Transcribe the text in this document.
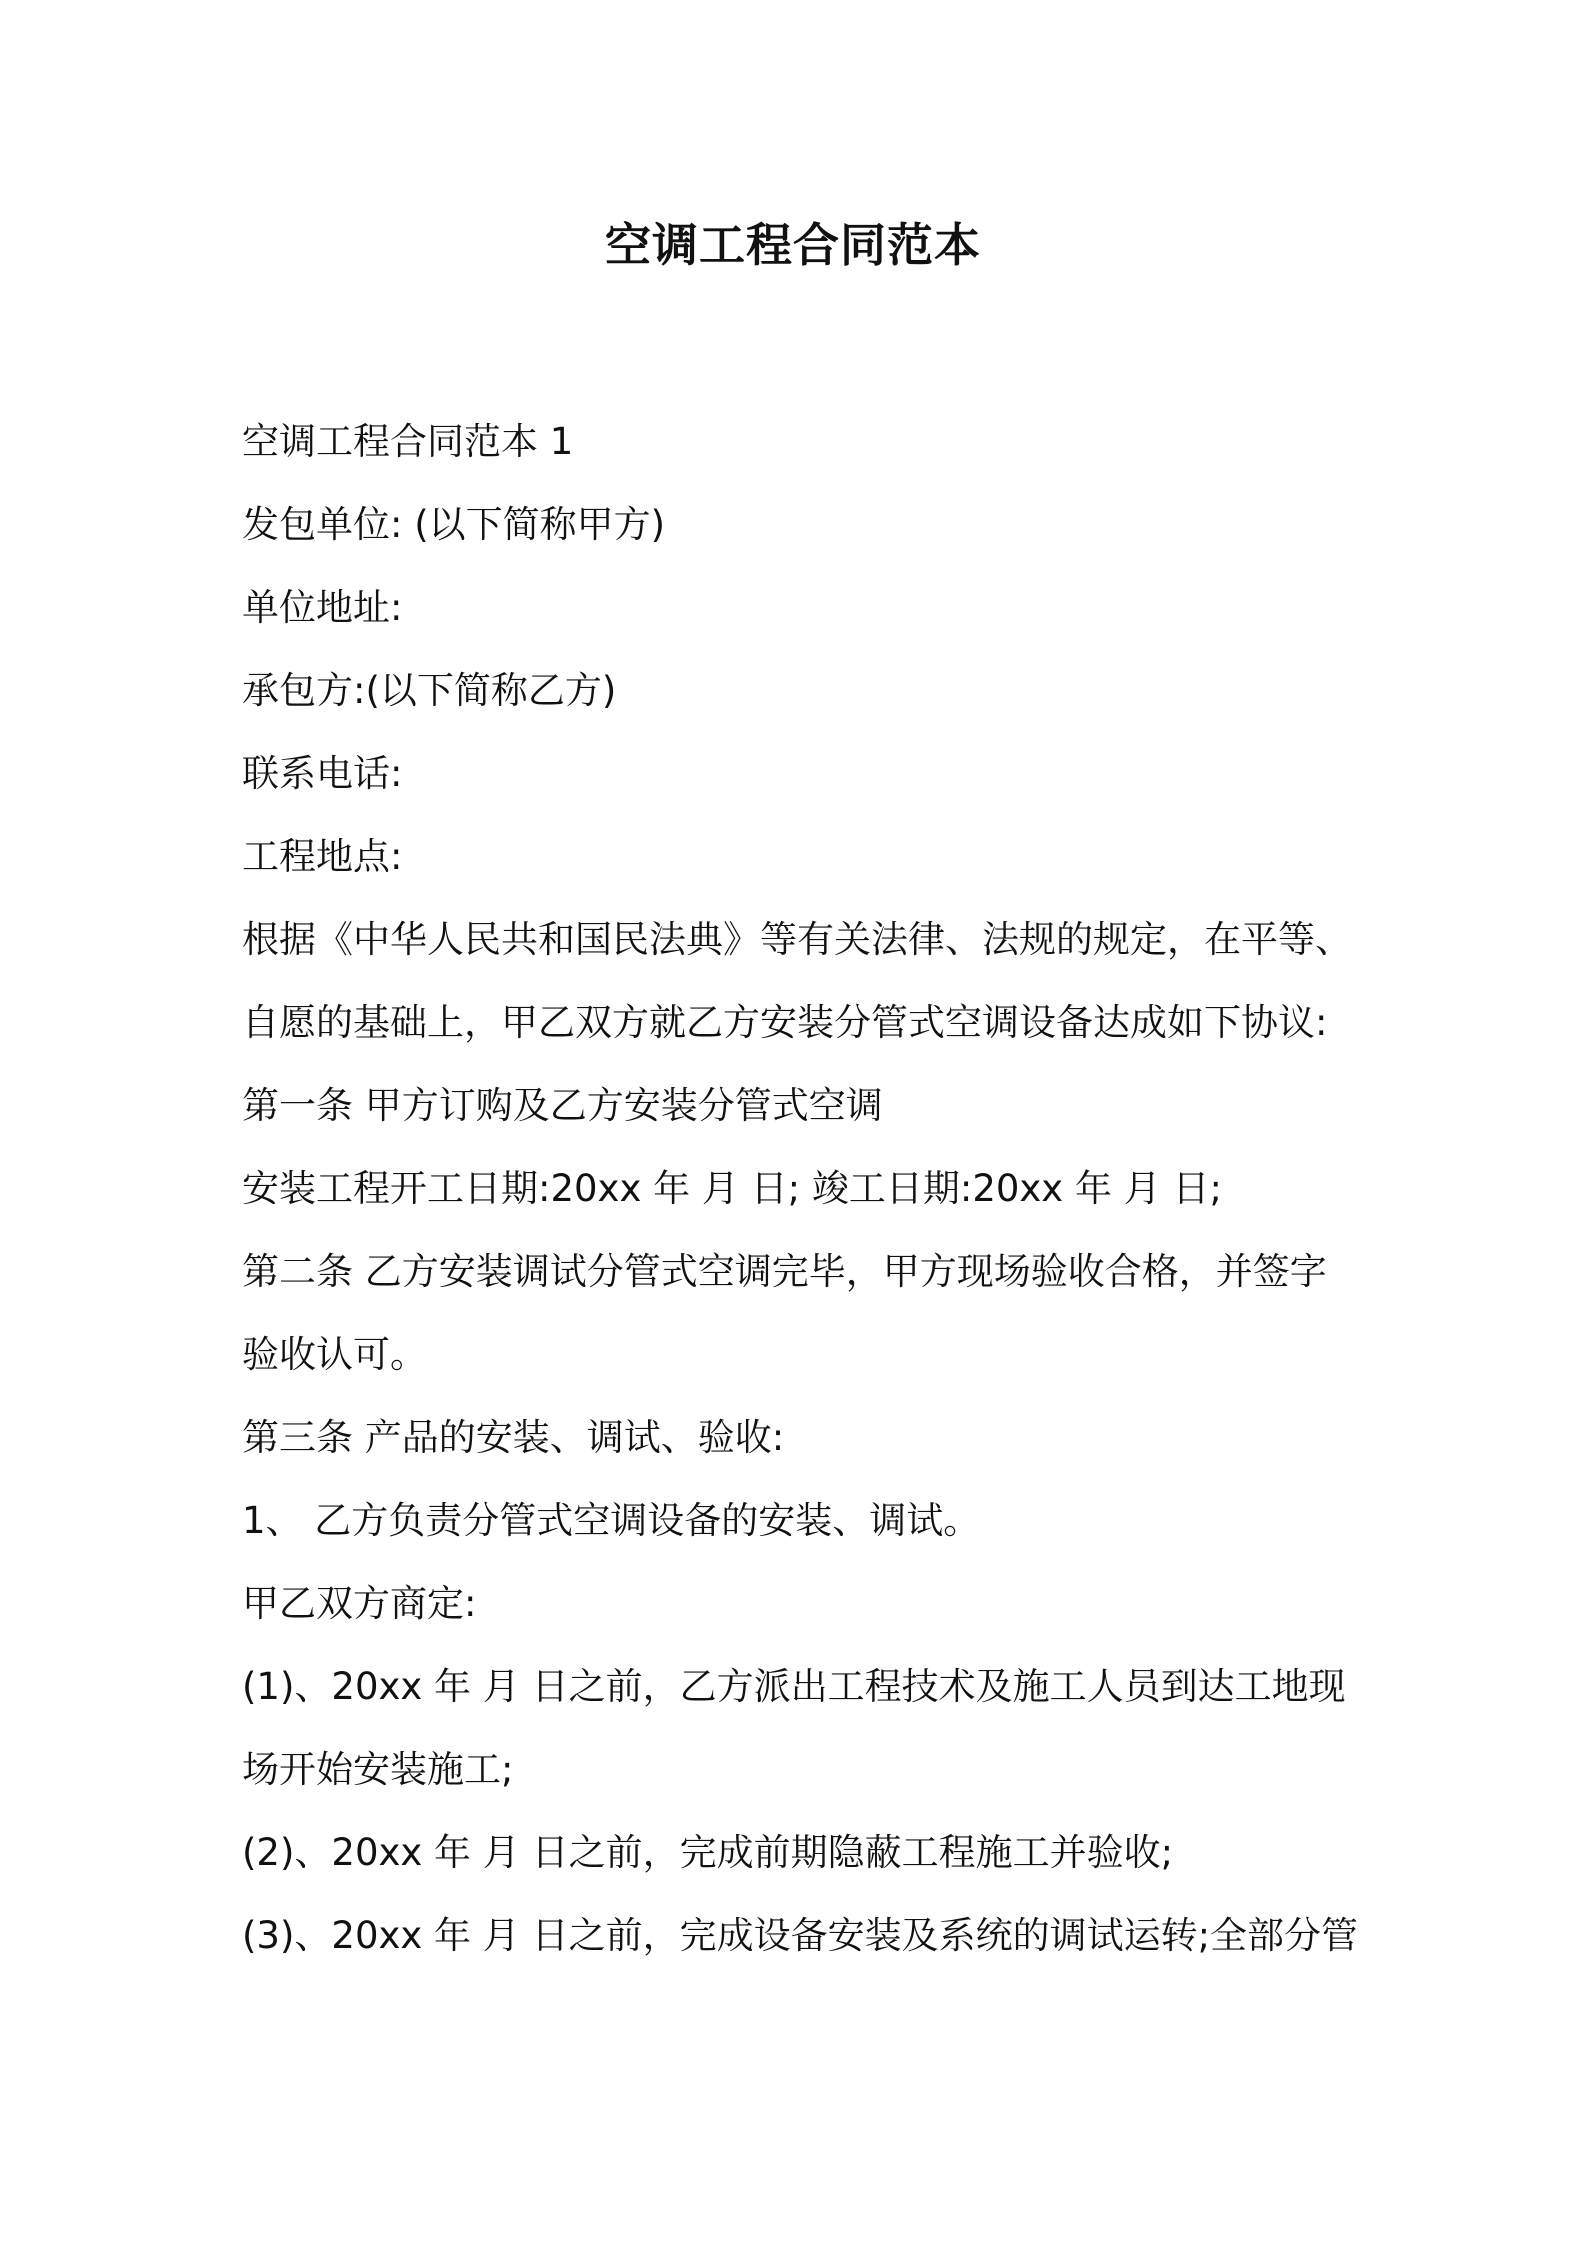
空调工程合同范本

空调工程合同范本 1

发包单位: (以下简称甲方)

单位地址:

承包方:(以下简称乙方)

联系电话:

工程地点:

根据《中华人民共和国民法典》等有关法律、法规的规定，在平等、

自愿的基础上，甲乙双方就乙方安装分管式空调设备达成如下协议:

第一条 甲方订购及乙方安装分管式空调

安装工程开工日期:20xx 年 月 日; 竣工日期:20xx 年 月 日;

第二条 乙方安装调试分管式空调完毕，甲方现场验收合格，并签字

验收认可。

第三条 产品的安装、调试、验收:

1、 乙方负责分管式空调设备的安装、调试。

甲乙双方商定:

(1)、20xx 年 月 日之前，乙方派出工程技术及施工人员到达工地现

场开始安装施工;

(2)、20xx 年 月 日之前，完成前期隐蔽工程施工并验收;

(3)、20xx 年 月 日之前，完成设备安装及系统的调试运转;全部分管
